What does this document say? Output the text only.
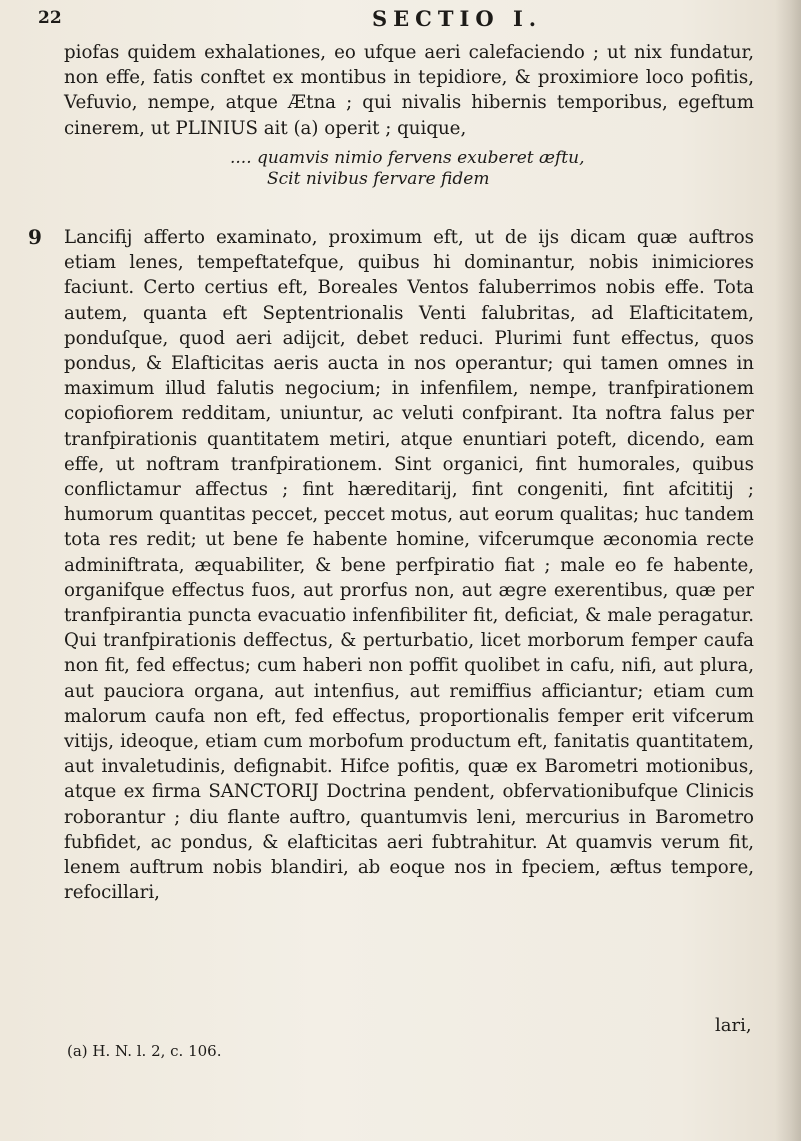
22	SECTIO I.

piofas quidem exhalationes, eo ufque aeri calefaciendo ; ut nix fundatur, non effe, fatis conftet ex montibus in tepidiore, & proximiore loco pofitis, Vefuvio, nempe, atque Ætna ; qui nivalis hibernis temporibus, egeftum cinerem, ut PLINIUS ait (a) operit ; quique,

.... quamvis nimio fervens exuberet æftu,
Scit nivibus fervare fidem
9 Lancifij afferto examinato, proximum eft, ut de ijs dicam quæ auftros etiam lenes, tempeftatefque, quibus hi dominantur, nobis inimiciores faciunt. Certo certius eft, Boreales Ventos faluberrimos nobis effe. Tota autem, quanta eft Septentrionalis Venti falubritas, ad Elafticitatem, ponduſque, quod aeri adijcit, debet reduci. Plurimi funt effectus, quos pondus, & Elafticitas aeris aucta in nos operantur; qui tamen omnes in maximum illud falutis negocium; in infenfilem, nempe, tranfpirationem copiofiorem redditam, uniuntur, ac veluti confpirant. Ita noftra falus per tranfpirationis quantitatem metiri, atque enuntiari poteft, dicendo, eam effe, ut noftram tranfpirationem. Sint organici, fint humorales, quibus conflictamur affectus ; fint hæreditarij, fint congeniti, fint afcititij ; humorum quantitas peccet, peccet motus, aut eorum qualitas; huc tandem tota res redit; ut bene fe habente homine, vifcerumque æconomia recte adminiftrata, æquabiliter, & bene perfpiratio fiat ; male eo fe habente, organifque effectus fuos, aut prorfus non, aut ægre exerentibus, quæ per tranfpirantia puncta evacuatio infenfibiliter fit, deficiat, & male peragatur. Qui tranfpirationis deffectus, & perturbatio, licet morborum femper caufa non fit, fed effectus; cum haberi non poffit quolibet in cafu, nifi, aut plura, aut pauciora organa, aut intenfius, aut remiffius afficiantur; etiam cum malorum caufa non eft, fed effectus, proportionalis femper erit vifcerum vitijs, ideoque, etiam cum morbofum productum eft, fanitatis quantitatem, aut invaletudinis, defignabit. Hifce pofitis, quæ ex Barometri motionibus, atque ex firma SANCTORIJ Doctrina pendent, obfervationibufque Clinicis roborantur ; diu flante auftro, quantumvis leni, mercurius in Barometro fubfidet, ac pondus, & elafticitas aeri fubtrahitur. At quamvis verum fit, lenem auftrum nobis blandiri, ab eoque nos in fpeciem, æftus tempore, refocillari,

lari,
(a) H. N. l. 2, c. 106.
